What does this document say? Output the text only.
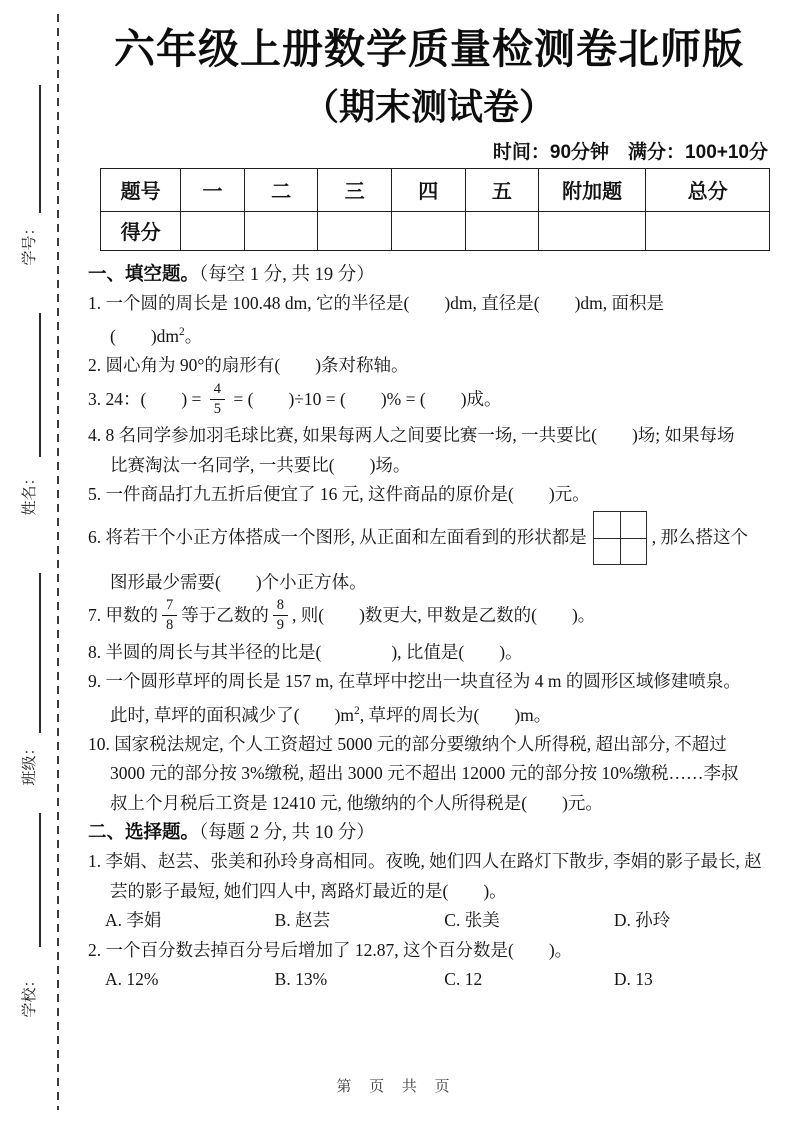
学号：
姓名：
班级：
学校：
六年级上册数学质量检测卷北师版
（期末测试卷）
时间：90分钟　满分：100+10分
题号	一	二	三	四	五	附加题	总分
得分							
一、填空题。（每空 1 分, 共 19 分）
1. 一个圆的周长是 100.48 dm, 它的半径是(　　)dm, 直径是(　　)dm, 面积是
(　　)$dm^2$。
2. 圆心角为 90°的扇形有(　　)条对称轴。
3. 24：(　　) = $\frac{4}{5}$ = (　　)÷10 = (　　)% = (　　)成。
4. 8 名同学参加羽毛球比赛, 如果每两人之间要比赛一场, 一共要比(　　)场; 如果每场
比赛淘汰一名同学, 一共要比(　　)场。
5. 一件商品打九五折后便宜了 16 元, 这件商品的原价是(　　)元。
6. 将若干个小正方体搭成一个图形, 从正面和左面看到的形状都是	, 那么搭这个
图形最少需要(　　)个小正方体。
7. 甲数的 $\frac{7}{8}$ 等于乙数的 $\frac{8}{9}$ , 则(　　)数更大, 甲数是乙数的(　　)。
8. 半圆的周长与其半径的比是(　　　　), 比值是(　　)。
9. 一个圆形草坪的周长是 157 m, 在草坪中挖出一块直径为 4 m 的圆形区域修建喷泉。
此时, 草坪的面积减少了(　　)$m^2$, 草坪的周长为(　　)m。
10. 国家税法规定, 个人工资超过 5000 元的部分要缴纳个人所得税, 超出部分, 不超过
3000 元的部分按 3%缴税, 超出 3000 元不超出 12000 元的部分按 10%缴税……李叔
叔上个月税后工资是 12410 元, 他缴纳的个人所得税是(　　)元。
二、选择题。（每题 2 分, 共 10 分）
1. 李娟、赵芸、张美和孙玲身高相同。夜晚, 她们四人在路灯下散步, 李娟的影子最长, 赵
芸的影子最短, 她们四人中, 离路灯最近的是(　　)。
A. 李娟	B. 赵芸	C. 张美	D. 孙玲
2. 一个百分数去掉百分号后增加了 12.87, 这个百分数是(　　)。
A. 12%	B. 13%	C. 12	D. 13
第 页 共 页
